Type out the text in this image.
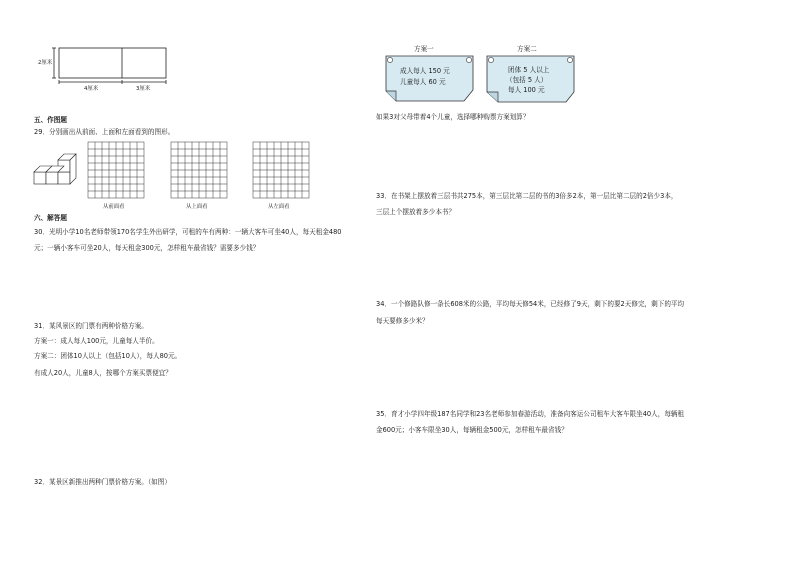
2厘米
4厘米	3厘米
五、作图题
29．分别画出从前面、上面和左面看到的图形。
从前面看	从上面看	从左面看
六、解答题
30．光明小学10名老师带领170名学生外出研学，可租的车有两种：一辆大客车可坐40人，每天租金480
元；一辆小客车可坐20人，每天租金300元，怎样租车最省钱？需要多少钱？
31．某风景区的门票有两种价格方案。
方案一：成人每人100元，儿童每人半价。
方案二：团体10人以上（包括10人），每人80元。
有成人20人，儿童8人，按哪个方案买票便宜？
32．某景区新推出两种门票价格方案。（如图）
方案一	方案二
成人每人 150 元
儿童每人 60 元
团体 5 人以上
（包括 5 人）
每人 100 元
如果3对父母带着4个儿童，选择哪种购票方案划算？
33．在书架上摆放着三层书共275本，第三层比第二层的书的3倍多2本，第一层比第二层的2倍少3本，
三层上个摆放着多少本书？
34．一个修路队修一条长608米的公路，平均每天修54米，已经修了9天，剩下的要2天修完，剩下的平均
每天要修多少米？
35．育才小学四年级187名同学和23名老师参加春游活动，准备向客运公司租车大客车限坐40人，每辆租
金600元；小客车限坐30人，每辆租金500元，怎样租车最省钱？
